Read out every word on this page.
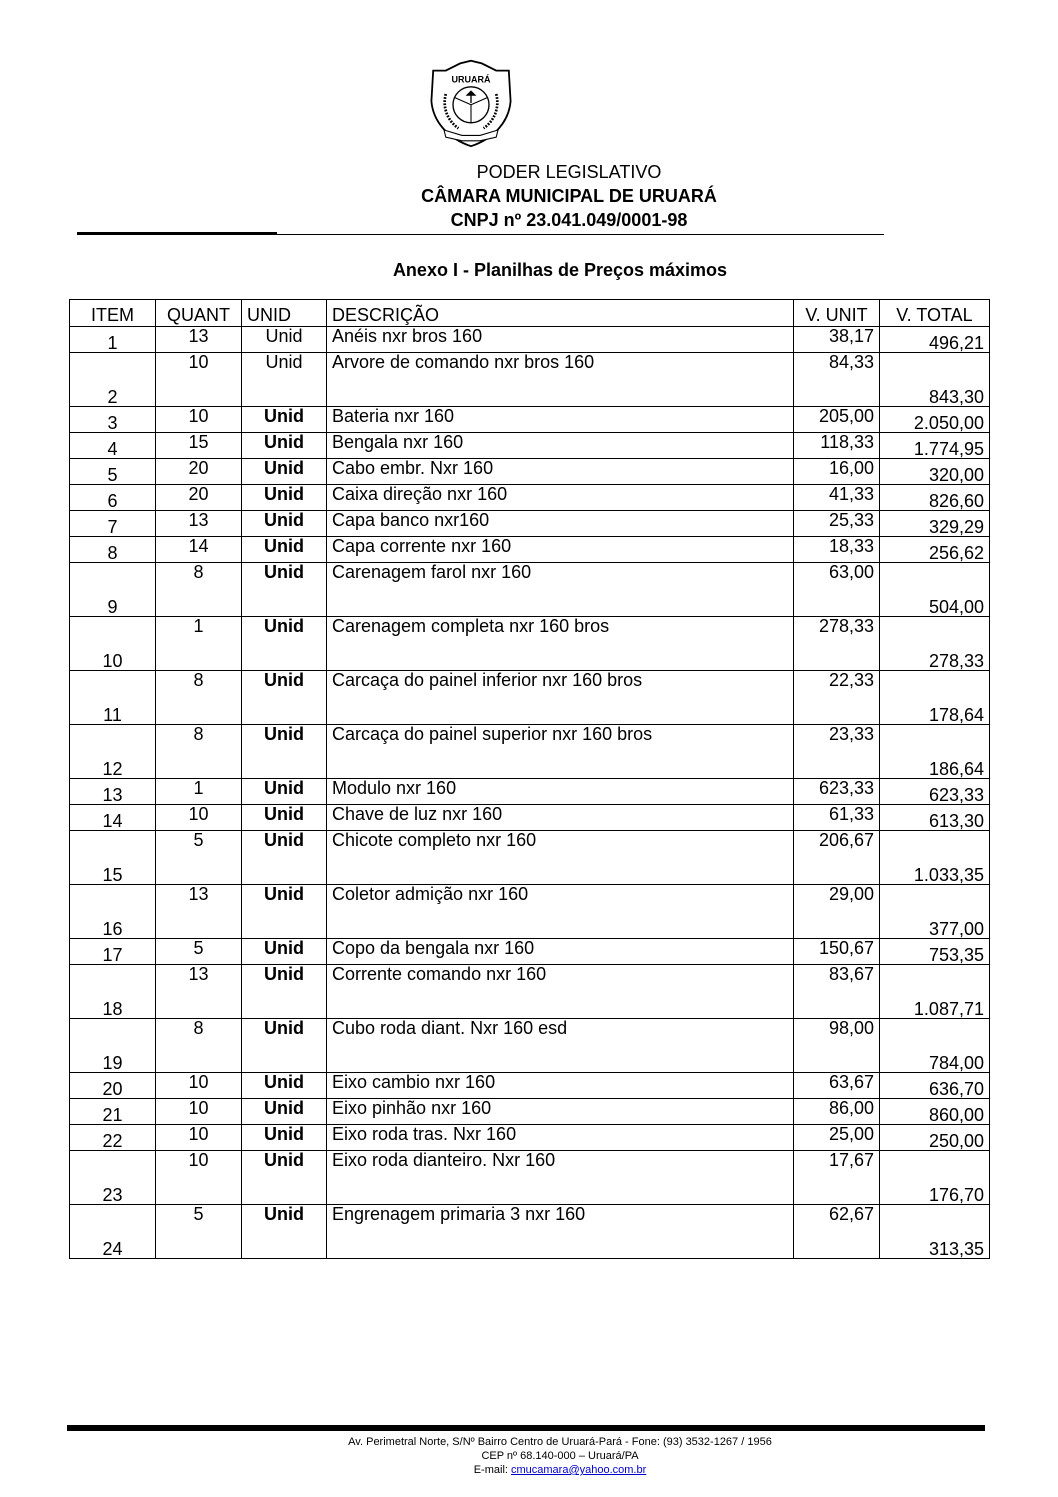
URUARÁ
PODER LEGISLATIVO
CÂMARA MUNICIPAL DE URUARÁ
CNPJ nº 23.041.049/0001-98
Anexo I - Planilhas de Preços máximos
ITEM	QUANT	UNID	DESCRIÇÃO	V. UNIT	V. TOTAL
1	13	Unid	Anéis nxr bros 160	38,17	496,21
2	10	Unid	Arvore de comando nxr bros 160	84,33	843,30
3	10	Unid	Bateria nxr 160	205,00	2.050,00
4	15	Unid	Bengala nxr 160	118,33	1.774,95
5	20	Unid	Cabo embr. Nxr 160	16,00	320,00
6	20	Unid	Caixa direção nxr 160	41,33	826,60
7	13	Unid	Capa banco nxr160	25,33	329,29
8	14	Unid	Capa corrente nxr 160	18,33	256,62
9	8	Unid	Carenagem farol nxr 160	63,00	504,00
10	1	Unid	Carenagem completa nxr 160 bros	278,33	278,33
11	8	Unid	Carcaça do painel inferior nxr 160 bros	22,33	178,64
12	8	Unid	Carcaça do painel superior nxr 160 bros	23,33	186,64
13	1	Unid	Modulo nxr 160	623,33	623,33
14	10	Unid	Chave de luz nxr 160	61,33	613,30
15	5	Unid	Chicote completo nxr 160	206,67	1.033,35
16	13	Unid	Coletor admição nxr 160	29,00	377,00
17	5	Unid	Copo da bengala nxr 160	150,67	753,35
18	13	Unid	Corrente comando nxr 160	83,67	1.087,71
19	8	Unid	Cubo roda diant. Nxr 160 esd	98,00	784,00
20	10	Unid	Eixo cambio nxr 160	63,67	636,70
21	10	Unid	Eixo pinhão nxr 160	86,00	860,00
22	10	Unid	Eixo roda tras. Nxr 160	25,00	250,00
23	10	Unid	Eixo roda dianteiro. Nxr 160	17,67	176,70
24	5	Unid	Engrenagem primaria 3 nxr 160	62,67	313,35
Av. Perimetral Norte, S/Nº Bairro Centro de Uruará-Pará - Fone: (93) 3532-1267 / 1956
CEP nº 68.140-000 – Uruará/PA
E-mail: cmucamara@yahoo.com.br
